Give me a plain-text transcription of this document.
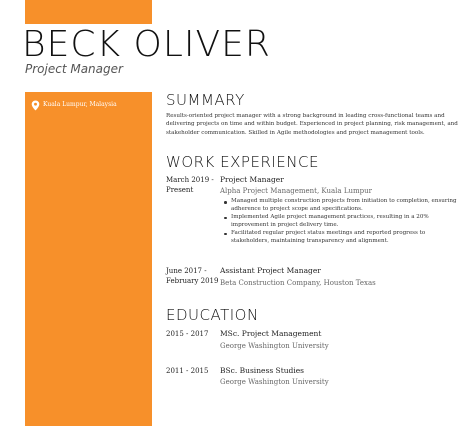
BECK OLIVER
Project Manager
Kuala Lumpur, Malaysia	SUMMARY
Results-oriented project manager with a strong background in leading cross-functional teams and delivering projects on time and within budget. Experienced in project planning, risk management, and stakeholder communication. Skilled in Agile methodologies and project management tools.
WORK EXPERIENCE
March 2019 -
Present
Project Manager
Alpha Project Management, Kuala Lumpur
Managed multiple construction projects from initiation to completion, ensuring adherence to project scope and specifications.
Implemented Agile project management practices, resulting in a 20% improvement in project delivery time.
Facilitated regular project status meetings and reported progress to stakeholders, maintaining transparency and alignment.
June 2017 -
February 2019
Assistant Project Manager
Beta Construction Company, Houston Texas
EDUCATION
2015 - 2017 MSc. Project Management
George Washington University
2011 - 2015 BSc. Business Studies
George Washington University
